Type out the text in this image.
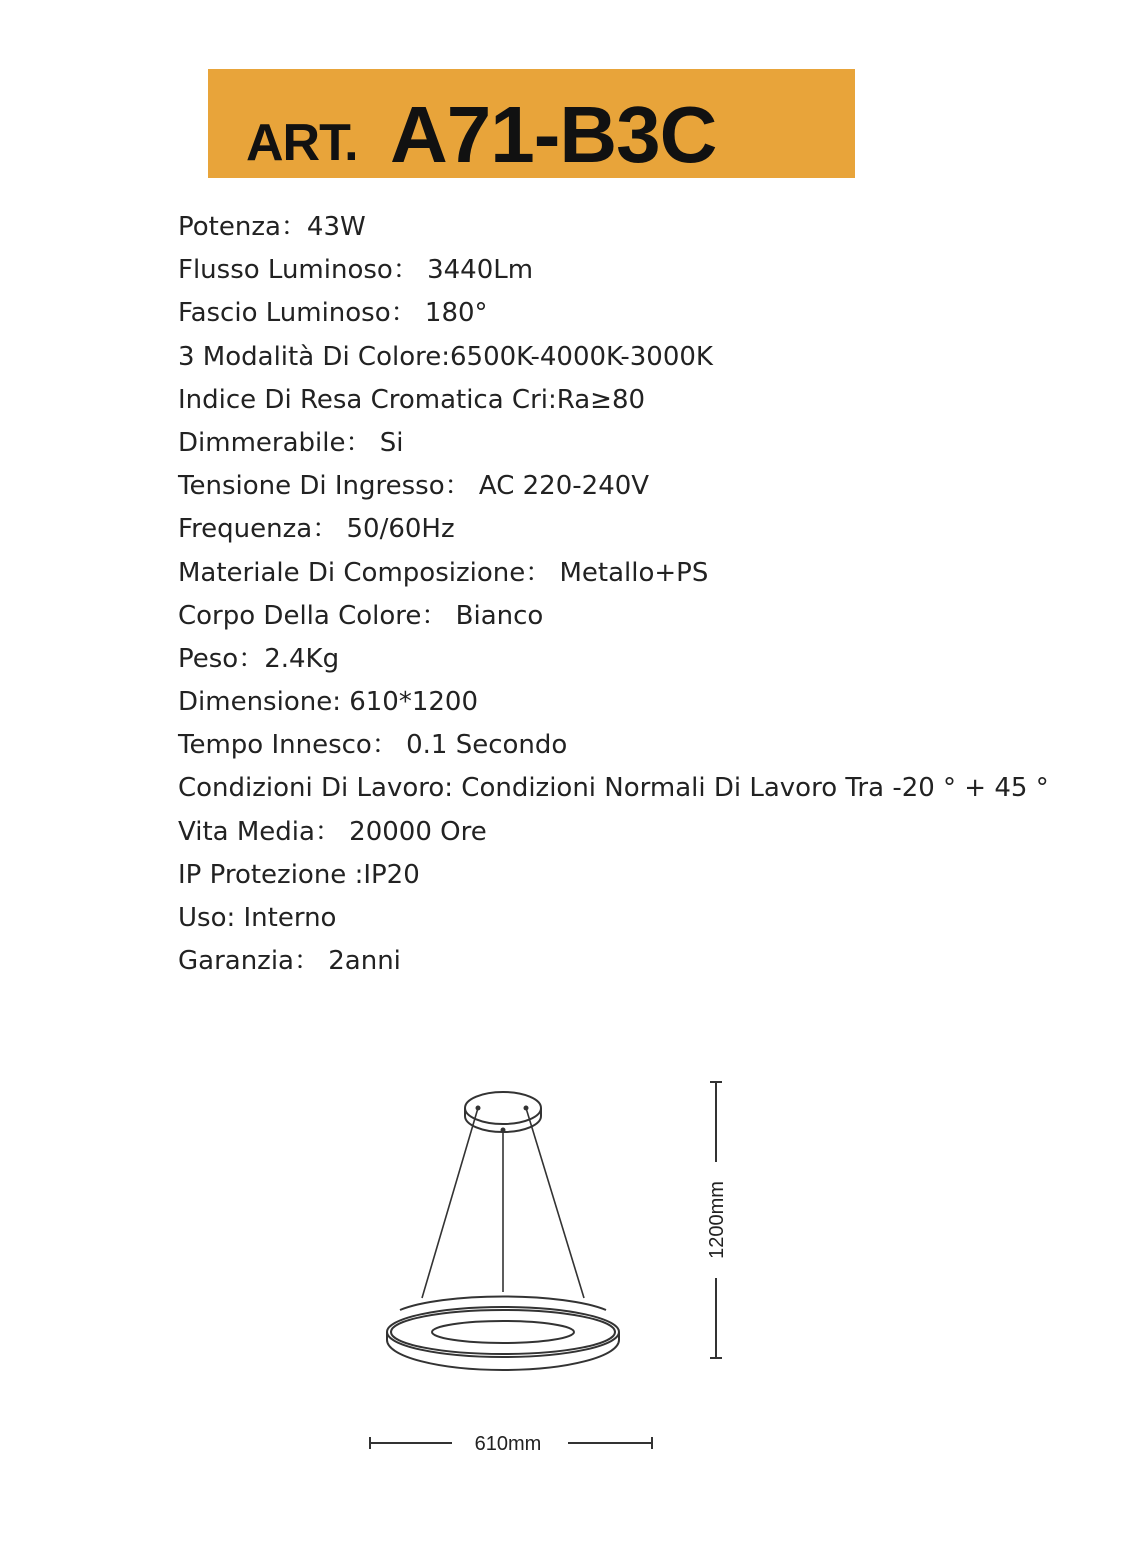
ART. A71-B3C
Potenza：43W
Flusso Luminoso： 3440Lm
Fascio Luminoso： 180°
3 Modalità Di Colore:6500K-4000K-3000K
Indice Di Resa Cromatica Cri:Ra≥80
Dimmerabile： Si
Tensione Di Ingresso： AC 220-240V
Frequenza： 50/60Hz
Materiale Di Composizione： Metallo+PS
Corpo Della Colore： Bianco
Peso：2.4Kg
Dimensione: 610*1200
Tempo Innesco： 0.1 Secondo
Condizioni Di Lavoro: Condizioni Normali Di Lavoro Tra -20 ° + 45 °
Vita Media： 20000 Ore
IP Protezione :IP20
Uso: Interno
Garanzia： 2anni
1200mm
610mm
